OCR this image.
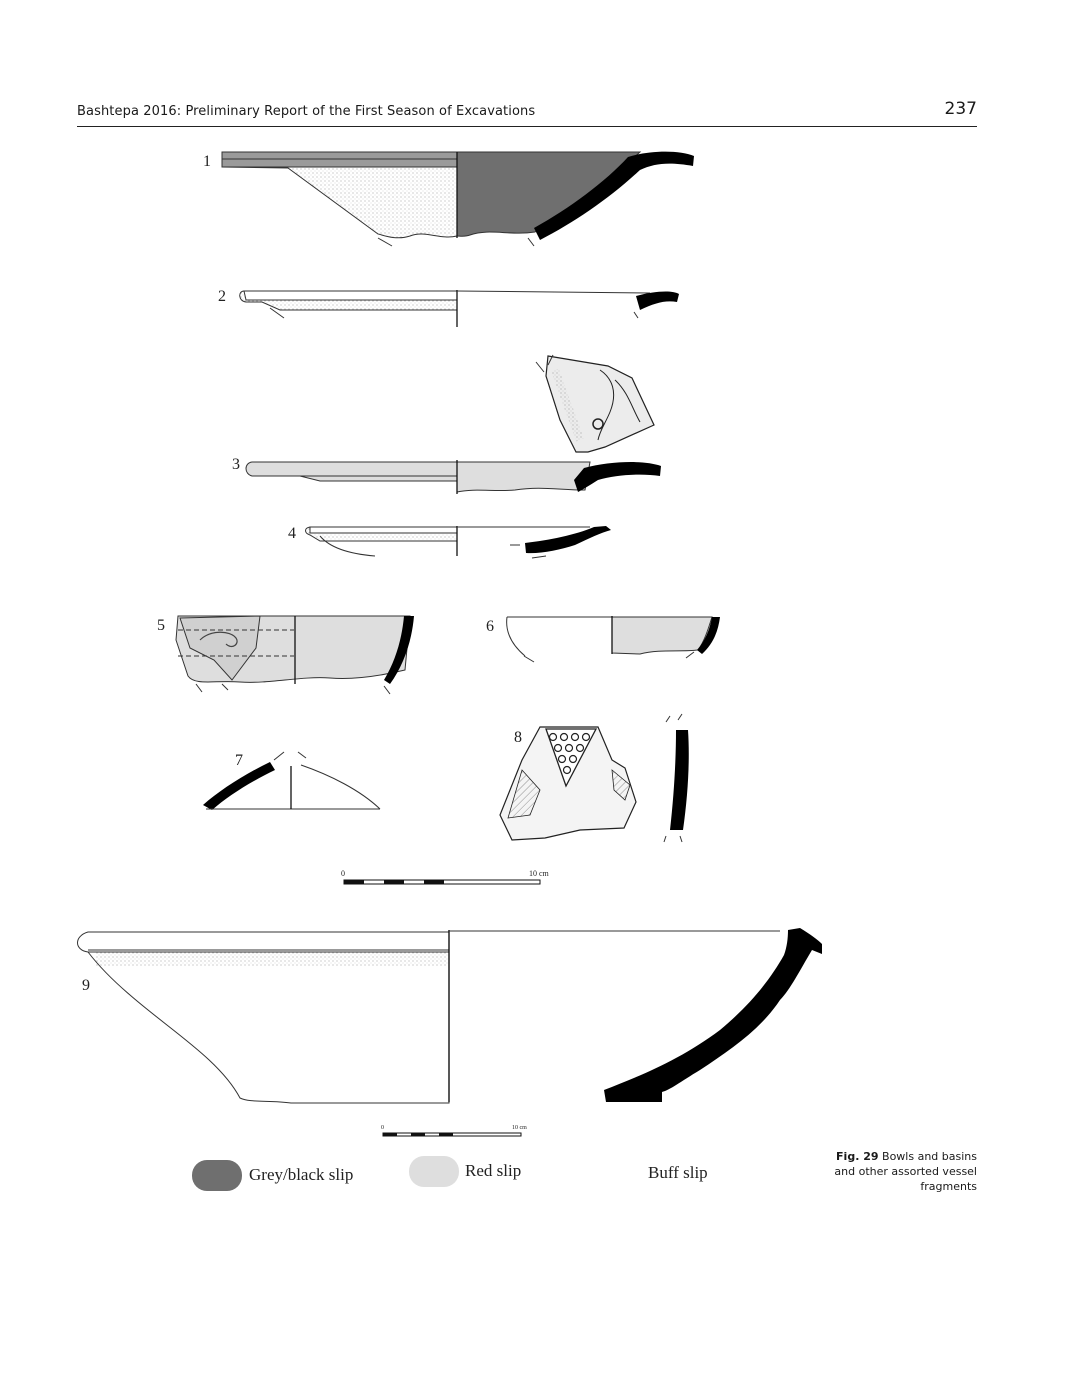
Bashtepa 2016: Preliminary Report of the First Season of Excavations	237
1
2
3
4
5	6
7
8
0	10 cm
9
0	10 cm
Grey/black slip	Red slip	Buff slip
Fig. 29 Bowls and basins and other assorted vessel fragments
